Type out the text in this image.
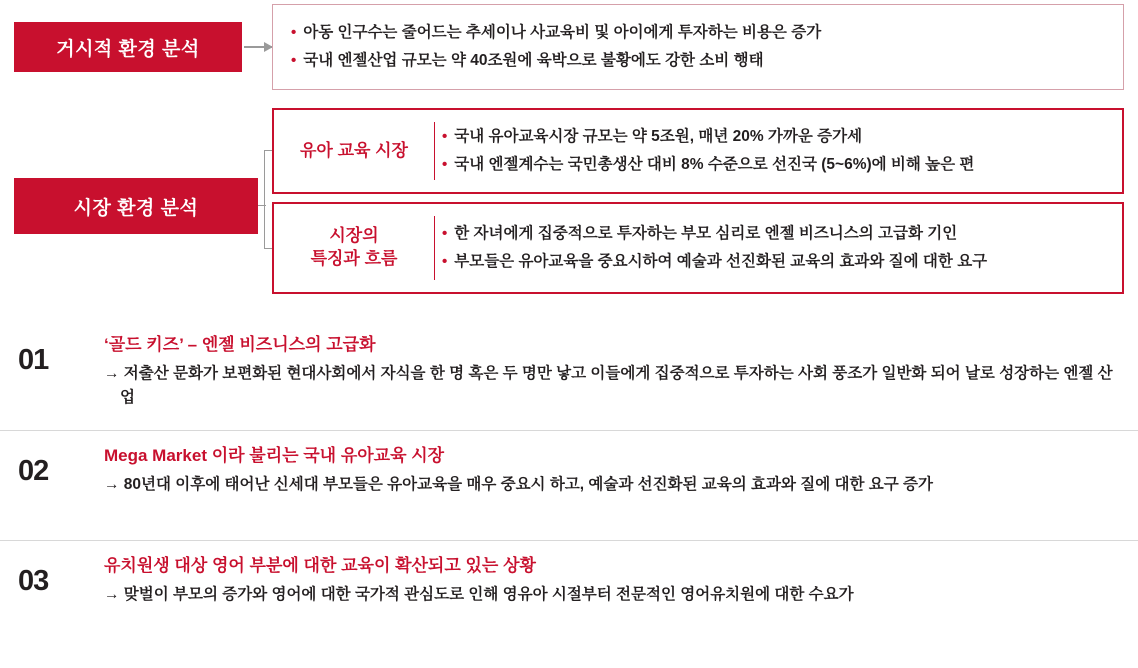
거시적 환경 분석
• 아동 인구수는 줄어드는 추세이나 사교육비 및 아이에게 투자하는 비용은 증가
• 국내 엔젤산업 규모는 약 40조원에 육박으로 불황에도 강한 소비 행태
시장 환경 분석
유아 교육 시장
• 국내 유아교육시장 규모는 약 5조원, 매년 20% 가까운 증가세
• 국내 엔젤계수는 국민총생산 대비 8% 수준으로 선진국 (5~6%)에 비해 높은 편
시장의
특징과 흐름
• 한 자녀에게 집중적으로 투자하는 부모 심리로 엔젤 비즈니스의 고급화 기인
• 부모들은 유아교육을 중요시하여 예술과 선진화된 교육의 효과와 질에 대한 요구
01	‘골드 키즈’ – 엔젤 비즈니스의 고급화
→ 저출산 문화가 보편화된 현대사회에서 자식을 한 명 혹은 두 명만 낳고 이들에게 집중적으로 투자하는 사회 풍조가 일반화 되어 날로 성장하는 엔젤 산업
02	Mega Market 이라 불리는 국내 유아교육 시장
→ 80년대 이후에 태어난 신세대 부모들은 유아교육을 매우 중요시 하고, 예술과 선진화된 교육의 효과와 질에 대한 요구 증가
03	유치원생 대상 영어 부분에 대한 교육이 확산되고 있는 상황
→ 맞벌이 부모의 증가와 영어에 대한 국가적 관심도로 인해 영유아 시절부터 전문적인 영어유치원에 대한 수요가
